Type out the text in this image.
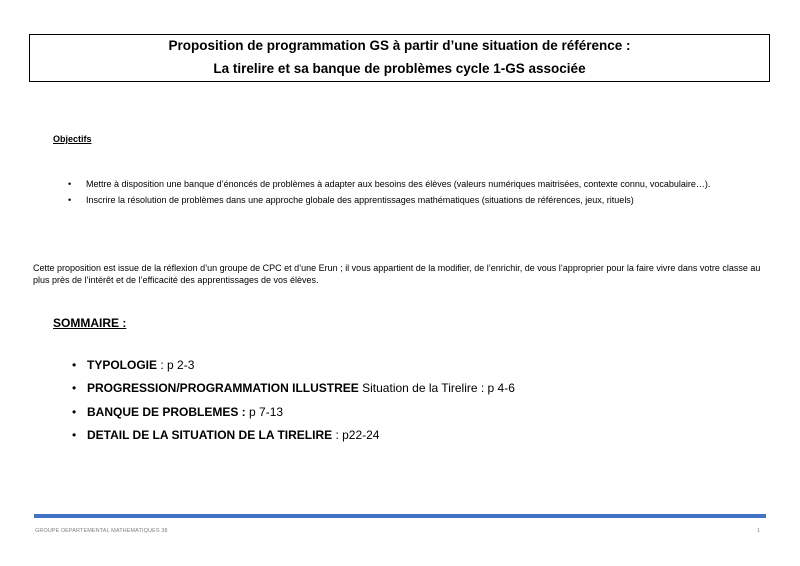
Proposition de programmation GS à partir d’une situation de référence :
La tirelire et sa banque de problèmes cycle 1-GS associée
Objectifs
• Mettre à disposition une banque d’énoncés de problèmes à adapter aux besoins des élèves (valeurs numériques maitrisées, contexte connu, vocabulaire…).
• Inscrire la résolution de problèmes dans une approche globale des apprentissages mathématiques (situations de références, jeux, rituels)
Cette proposition est issue de la réflexion d’un groupe de CPC et d’une Erun ; il vous appartient de la modifier, de l’enrichir, de vous l’approprier pour la faire vivre dans votre classe au plus près de l’intérêt et de l’efficacité des apprentissages de vos élèves.
SOMMAIRE :
• TYPOLOGIE : p 2-3
• PROGRESSION/PROGRAMMATION ILLUSTREE Situation de la Tirelire : p 4-6
• BANQUE DE PROBLEMES : p 7-13
• DETAIL DE LA SITUATION DE LA TIRELIRE : p22-24
GROUPE DEPARTEMENTAL MATHEMATIQUES 38	1
